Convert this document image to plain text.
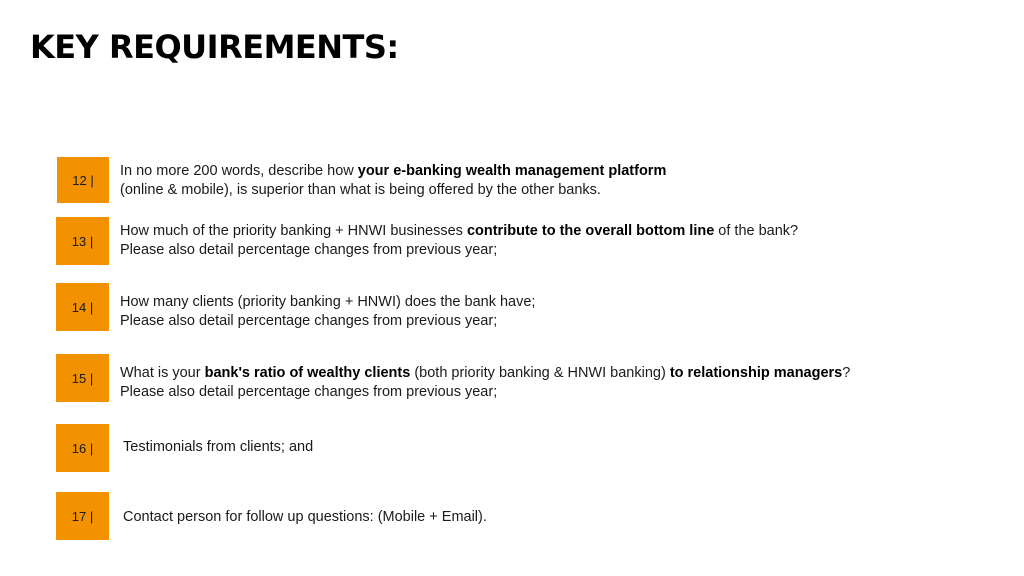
KEY REQUIREMENTS:
12 |
In no more 200 words, describe how your e-banking wealth management platform
(online & mobile), is superior than what is being offered by the other banks.
13 |
How much of the priority banking + HNWI businesses contribute to the overall bottom line of the bank?
Please also detail percentage changes from previous year;
14 |	How many clients (priority banking + HNWI) does the bank have;
Please also detail percentage changes from previous year;
15 |	What is your bank's ratio of wealthy clients (both priority banking & HNWI banking) to relationship managers?
Please also detail percentage changes from previous year;
16 |	Testimonials from clients; and
17 |	Contact person for follow up questions: (Mobile + Email).
